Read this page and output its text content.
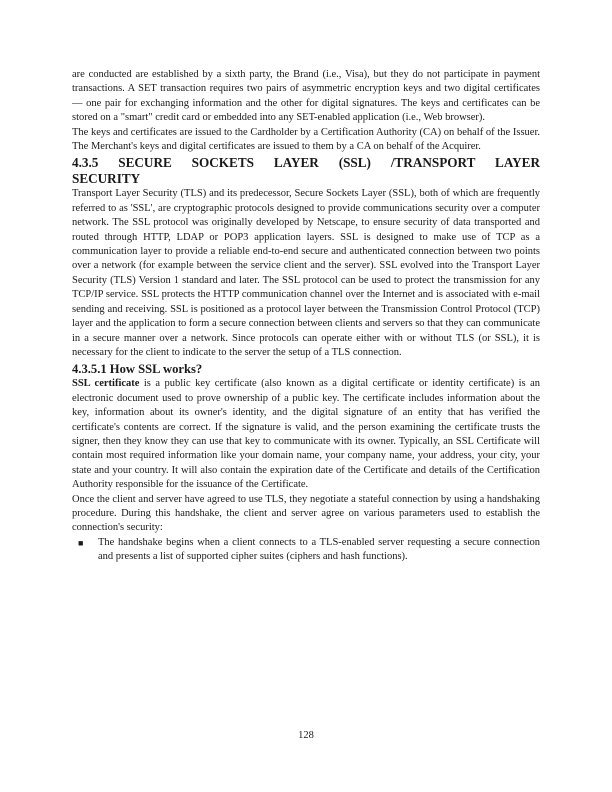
are conducted are established by a sixth party, the Brand (i.e., Visa), but they do not participate in payment transactions. A SET transaction requires two pairs of asymmetric encryption keys and two digital certificates — one pair for exchanging information and the other for digital signatures. The keys and certificates can be stored on a "smart" credit card or embedded into any SET-enabled application (i.e., Web browser).

The keys and certificates are issued to the Cardholder by a Certification Authority (CA) on behalf of the Issuer. The Merchant's keys and digital certificates are issued to them by a CA on behalf of the Acquirer.

4.3.5 SECURE SOCKETS LAYER (SSL) /TRANSPORT LAYER SECURITY

Transport Layer Security (TLS) and its predecessor, Secure Sockets Layer (SSL), both of which are frequently referred to as 'SSL', are cryptographic protocols designed to provide communications security over a computer network. The SSL protocol was originally developed by Netscape, to ensure security of data transported and routed through HTTP, LDAP or POP3 application layers. SSL is designed to make use of TCP as a communication layer to provide a reliable end-to-end secure and authenticated connection between two points over a network (for example between the service client and the server). SSL evolved into the Transport Layer Security (TLS) Version 1 standard and later. The SSL protocol can be used to protect the transmission for any TCP/IP service. SSL protects the HTTP communication channel over the Internet and is associated with e-mail sending and receiving. SSL is positioned as a protocol layer between the Transmission Control Protocol (TCP) layer and the application to form a secure connection between clients and servers so that they can communicate in a secure manner over a network. Since protocols can operate either with or without TLS (or SSL), it is necessary for the client to indicate to the server the setup of a TLS connection.

4.3.5.1 How SSL works?

SSL certificate is a public key certificate (also known as a digital certificate or identity certificate) is an electronic document used to prove ownership of a public key. The certificate includes information about the key, information about its owner's identity, and the digital signature of an entity that has verified the certificate's contents are correct. If the signature is valid, and the person examining the certificate trusts the signer, then they know they can use that key to communicate with its owner. Typically, an SSL Certificate will contain most required information like your domain name, your company name, your address, your city, your state and your country. It will also contain the expiration date of the Certificate and details of the Certification Authority responsible for the issuance of the Certificate.

Once the client and server have agreed to use TLS, they negotiate a stateful connection by using a handshaking procedure. During this handshake, the client and server agree on various parameters used to establish the connection's security:

■ The handshake begins when a client connects to a TLS-enabled server requesting a secure connection and presents a list of supported cipher suites (ciphers and hash functions).
128
